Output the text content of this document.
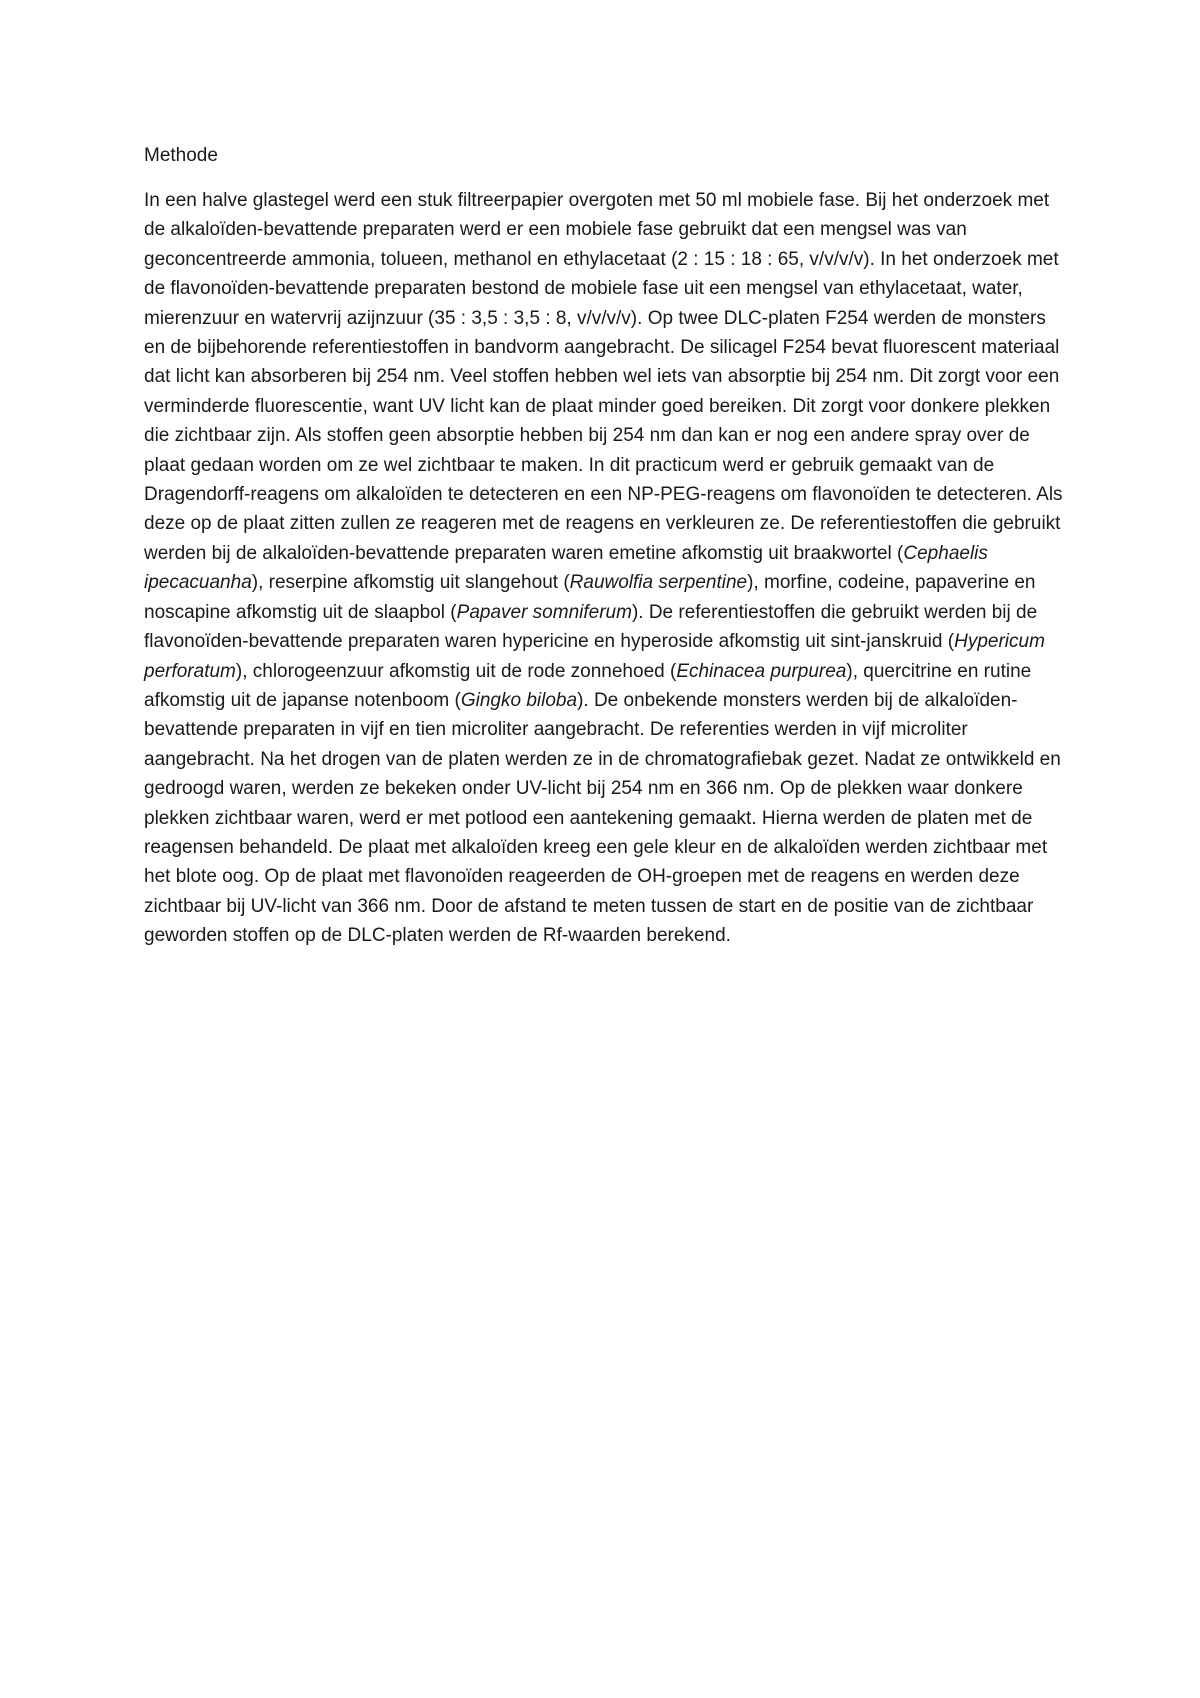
Methode

In een halve glastegel werd een stuk filtreerpapier overgoten met 50 ml mobiele fase. Bij het onderzoek met de alkaloïden-bevattende preparaten werd er een mobiele fase gebruikt dat een mengsel was van geconcentreerde ammonia, tolueen, methanol en ethylacetaat (2 : 15 : 18 : 65, v/v/v/v). In het onderzoek met de flavonoïden-bevattende preparaten bestond de mobiele fase uit een mengsel van ethylacetaat, water, mierenzuur en watervrij azijnzuur (35 : 3,5 : 3,5 : 8, v/v/v/v). Op twee DLC-platen F254 werden de monsters en de bijbehorende referentiestoffen in bandvorm aangebracht. De silicagel F254 bevat fluorescent materiaal dat licht kan absorberen bij 254 nm. Veel stoffen hebben wel iets van absorptie bij 254 nm. Dit zorgt voor een verminderde fluorescentie, want UV licht kan de plaat minder goed bereiken. Dit zorgt voor donkere plekken die zichtbaar zijn. Als stoffen geen absorptie hebben bij 254 nm dan kan er nog een andere spray over de plaat gedaan worden om ze wel zichtbaar te maken. In dit practicum werd er gebruik gemaakt van de Dragendorff-reagens om alkaloïden te detecteren en een NP-PEG-reagens om flavonoïden te detecteren. Als deze op de plaat zitten zullen ze reageren met de reagens en verkleuren ze. De referentiestoffen die gebruikt werden bij de alkaloïden-bevattende preparaten waren emetine afkomstig uit braakwortel (Cephaelis ipecacuanha), reserpine afkomstig uit slangehout (Rauwolfia serpentine), morfine, codeine, papaverine en noscapine afkomstig uit de slaapbol (Papaver somniferum). De referentiestoffen die gebruikt werden bij de flavonoïden-bevattende preparaten waren hypericine en hyperoside afkomstig uit sint-janskruid (Hypericum perforatum), chlorogeenzuur afkomstig uit de rode zonnehoed (Echinacea purpurea), quercitrine en rutine afkomstig uit de japanse notenboom (Gingko biloba). De onbekende monsters werden bij de alkaloïden-bevattende preparaten in vijf en tien microliter aangebracht. De referenties werden in vijf microliter aangebracht. Na het drogen van de platen werden ze in de chromatografiebak gezet. Nadat ze ontwikkeld en gedroogd waren, werden ze bekeken onder UV-licht bij 254 nm en 366 nm. Op de plekken waar donkere plekken zichtbaar waren, werd er met potlood een aantekening gemaakt. Hierna werden de platen met de reagensen behandeld. De plaat met alkaloïden kreeg een gele kleur en de alkaloïden werden zichtbaar met het blote oog. Op de plaat met flavonoïden reageerden de OH-groepen met de reagens en werden deze zichtbaar bij UV-licht van 366 nm. Door de afstand te meten tussen de start en de positie van de zichtbaar geworden stoffen op de DLC-platen werden de Rf-waarden berekend.
